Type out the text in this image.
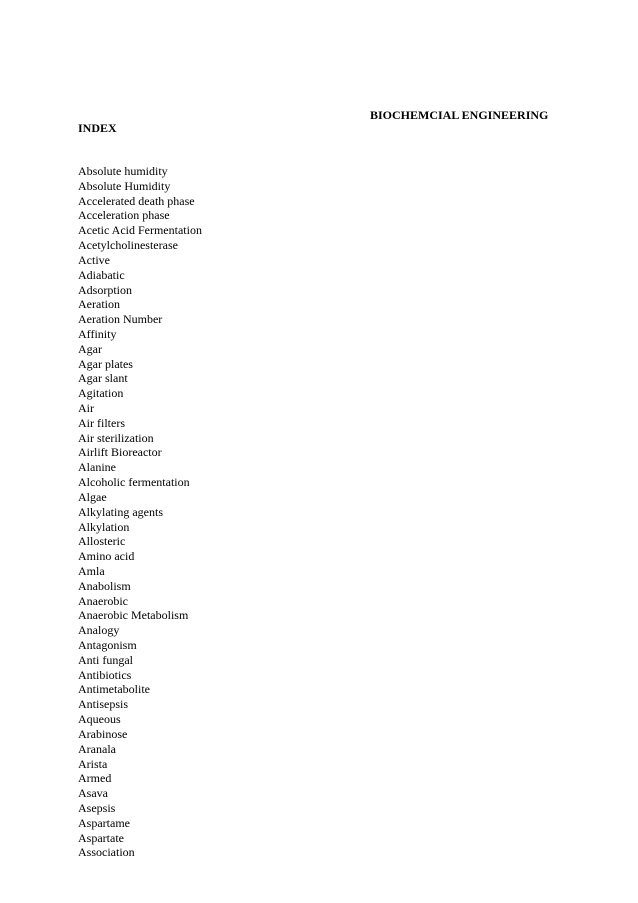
BIOCHEMCIAL ENGINEERING
INDEX
Absolute humidity
Absolute Humidity
Accelerated death phase
Acceleration phase
Acetic Acid Fermentation
Acetylcholinesterase
Active
Adiabatic
Adsorption
Aeration
Aeration Number
Affinity
Agar
Agar plates
Agar slant
Agitation
Air
Air filters
Air sterilization
Airlift Bioreactor
Alanine
Alcoholic fermentation
Algae
Alkylating agents
Alkylation
Allosteric
Amino acid
Amla
Anabolism
Anaerobic
Anaerobic Metabolism
Analogy
Antagonism
Anti fungal
Antibiotics
Antimetabolite
Antisepsis
Aqueous
Arabinose
Aranala
Arista
Armed
Asava
Asepsis
Aspartame
Aspartate
Association
